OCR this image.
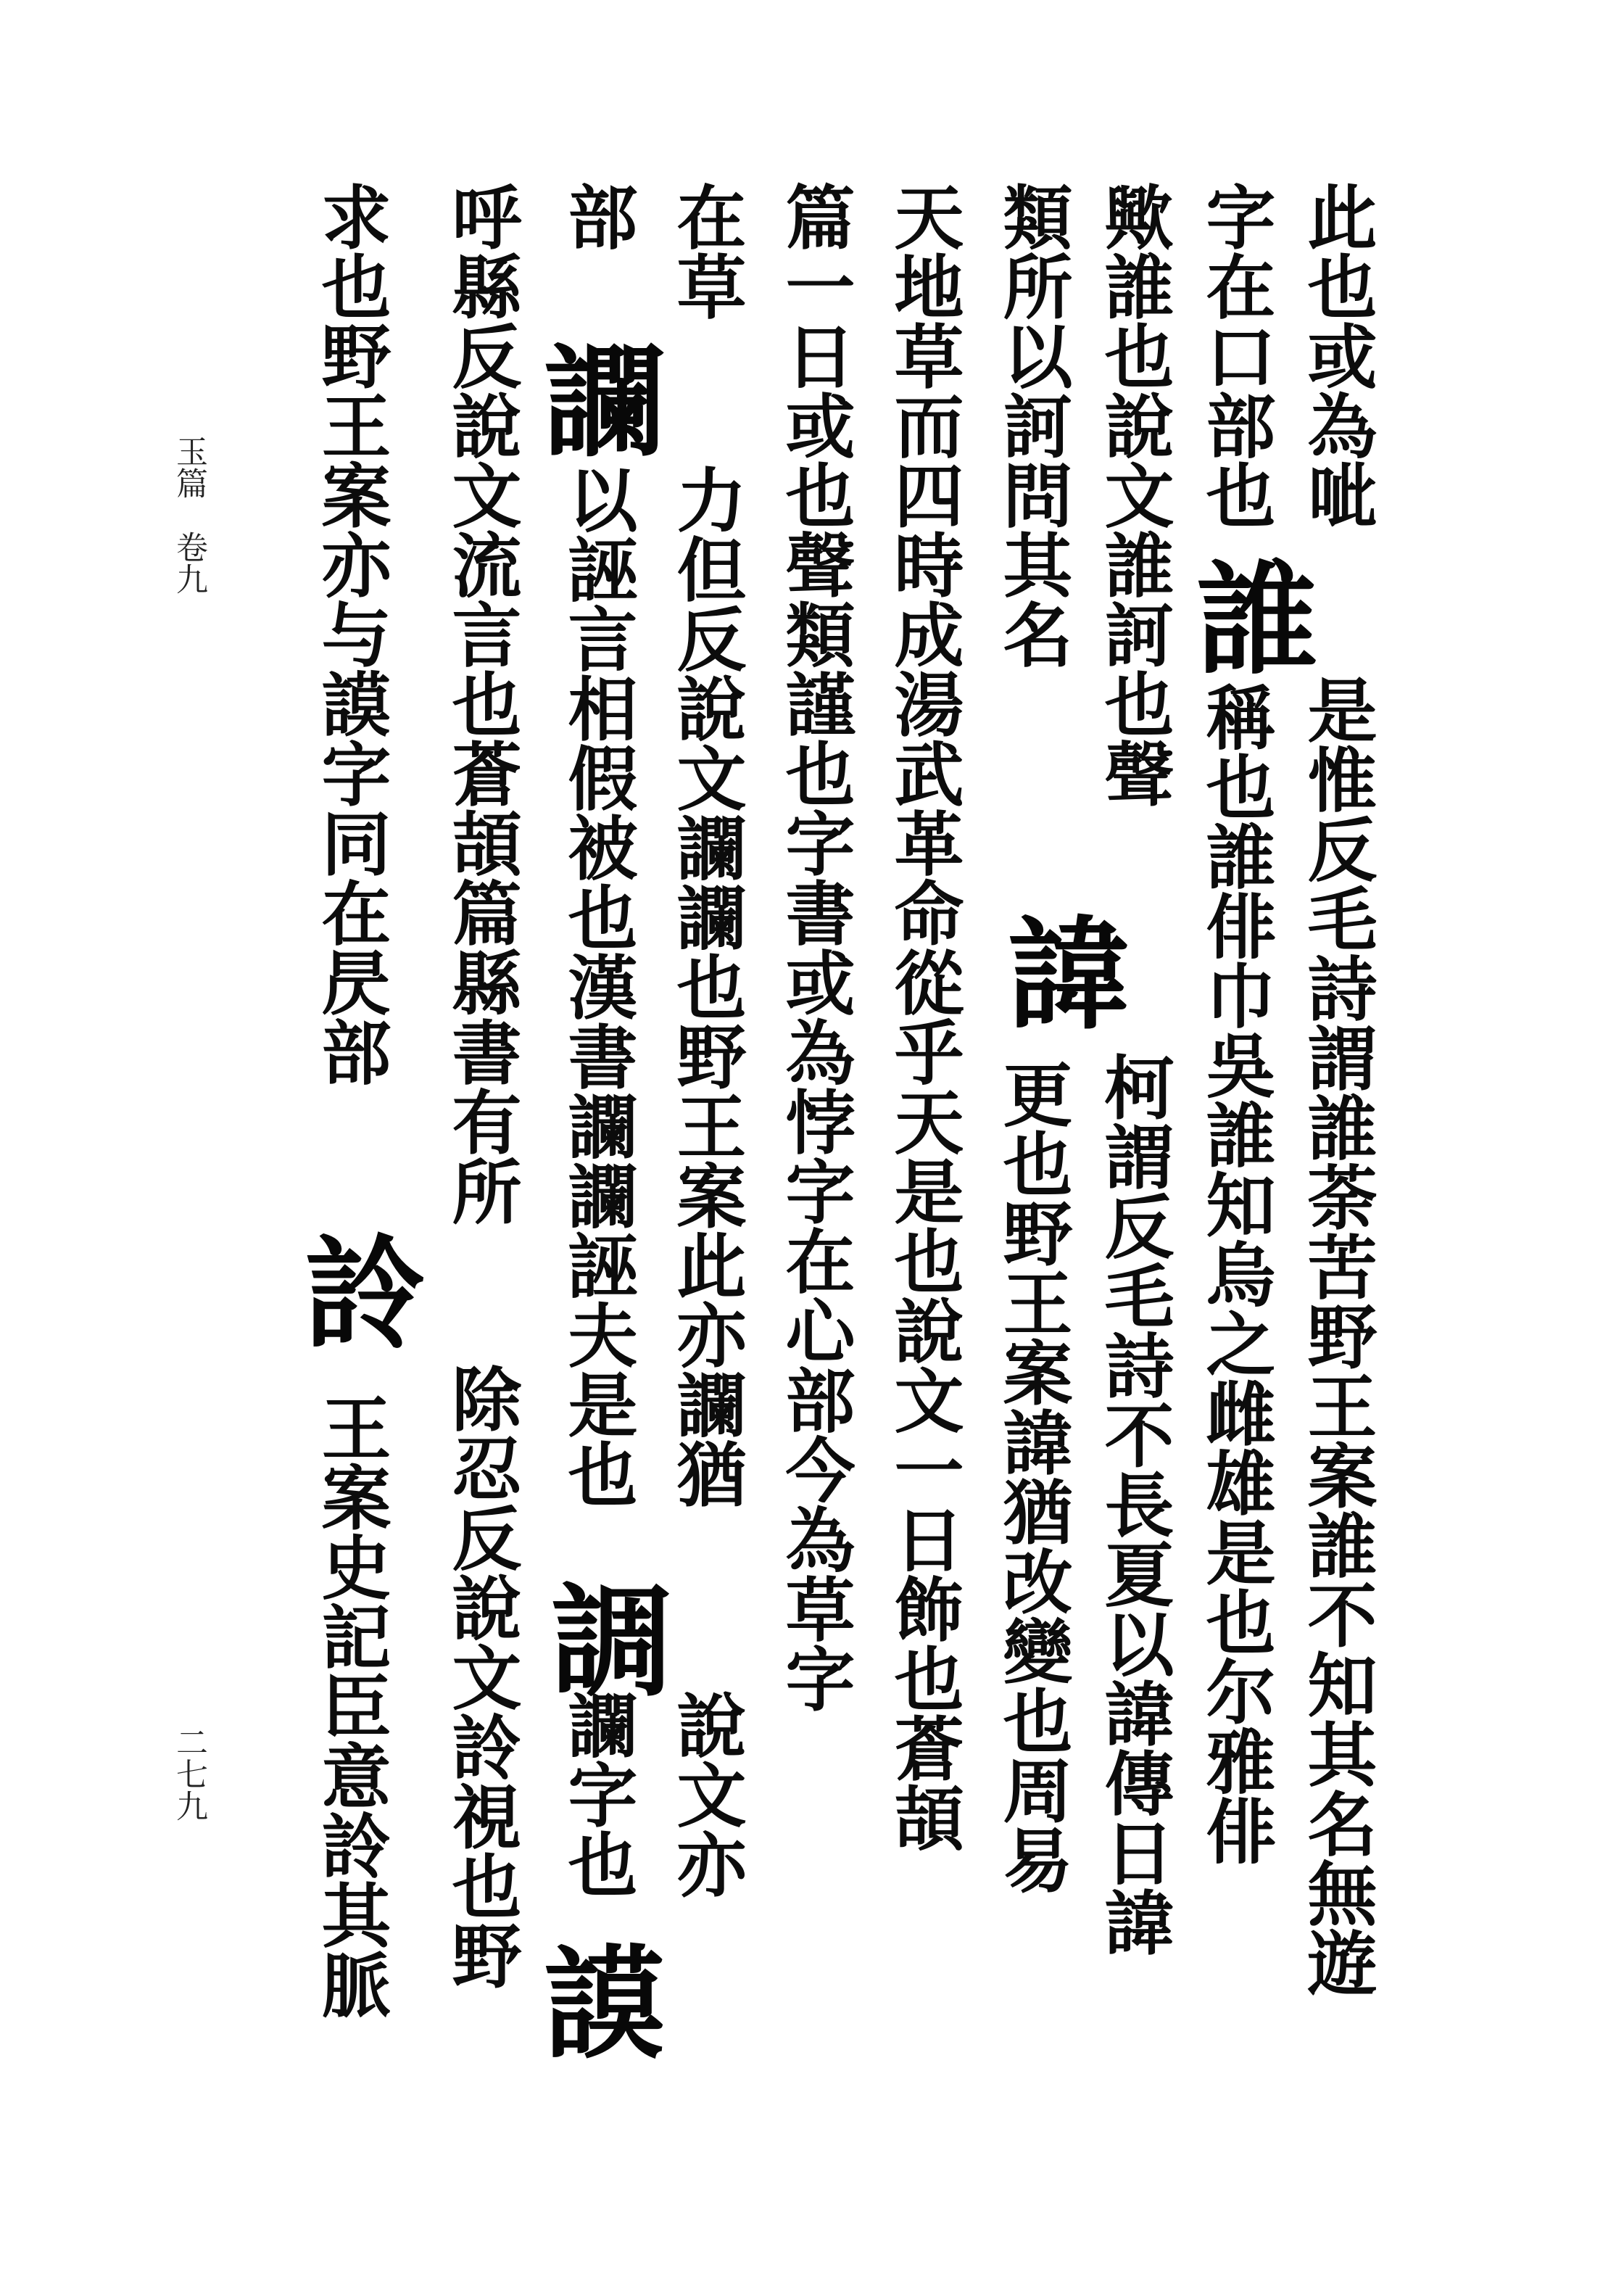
玉篇　卷九
二七九
此也或為呲
是惟反毛詩謂誰荼苦野王案誰不知其名無遊
字在口部也
稱也誰俳巾吳誰知烏之雌雄是也尔雅俳
歟誰也說文誰訶也聲
柯謂反毛詩不長夏以諱傳日諱
類所以訶問其名
更也野王案諱猶改變也周易
天地草而四時成湯武革命從乎天是也說文一日飾也蒼頡
篇一日或也聲類謹也字書或為悖字在心部今為草字
在草
力但反說文讕讕也野王案此亦讕猶
說文亦
部
以誣言相假被也漢書讕讕誣夫是也
讕字也
呼縣反說文流言也蒼頡篇縣書有所
除忍反說文詅視也野
求也野王案亦与謨字同在昃部
王案史記臣意詅其脈
誰
諱
讕
調
詅
謨
